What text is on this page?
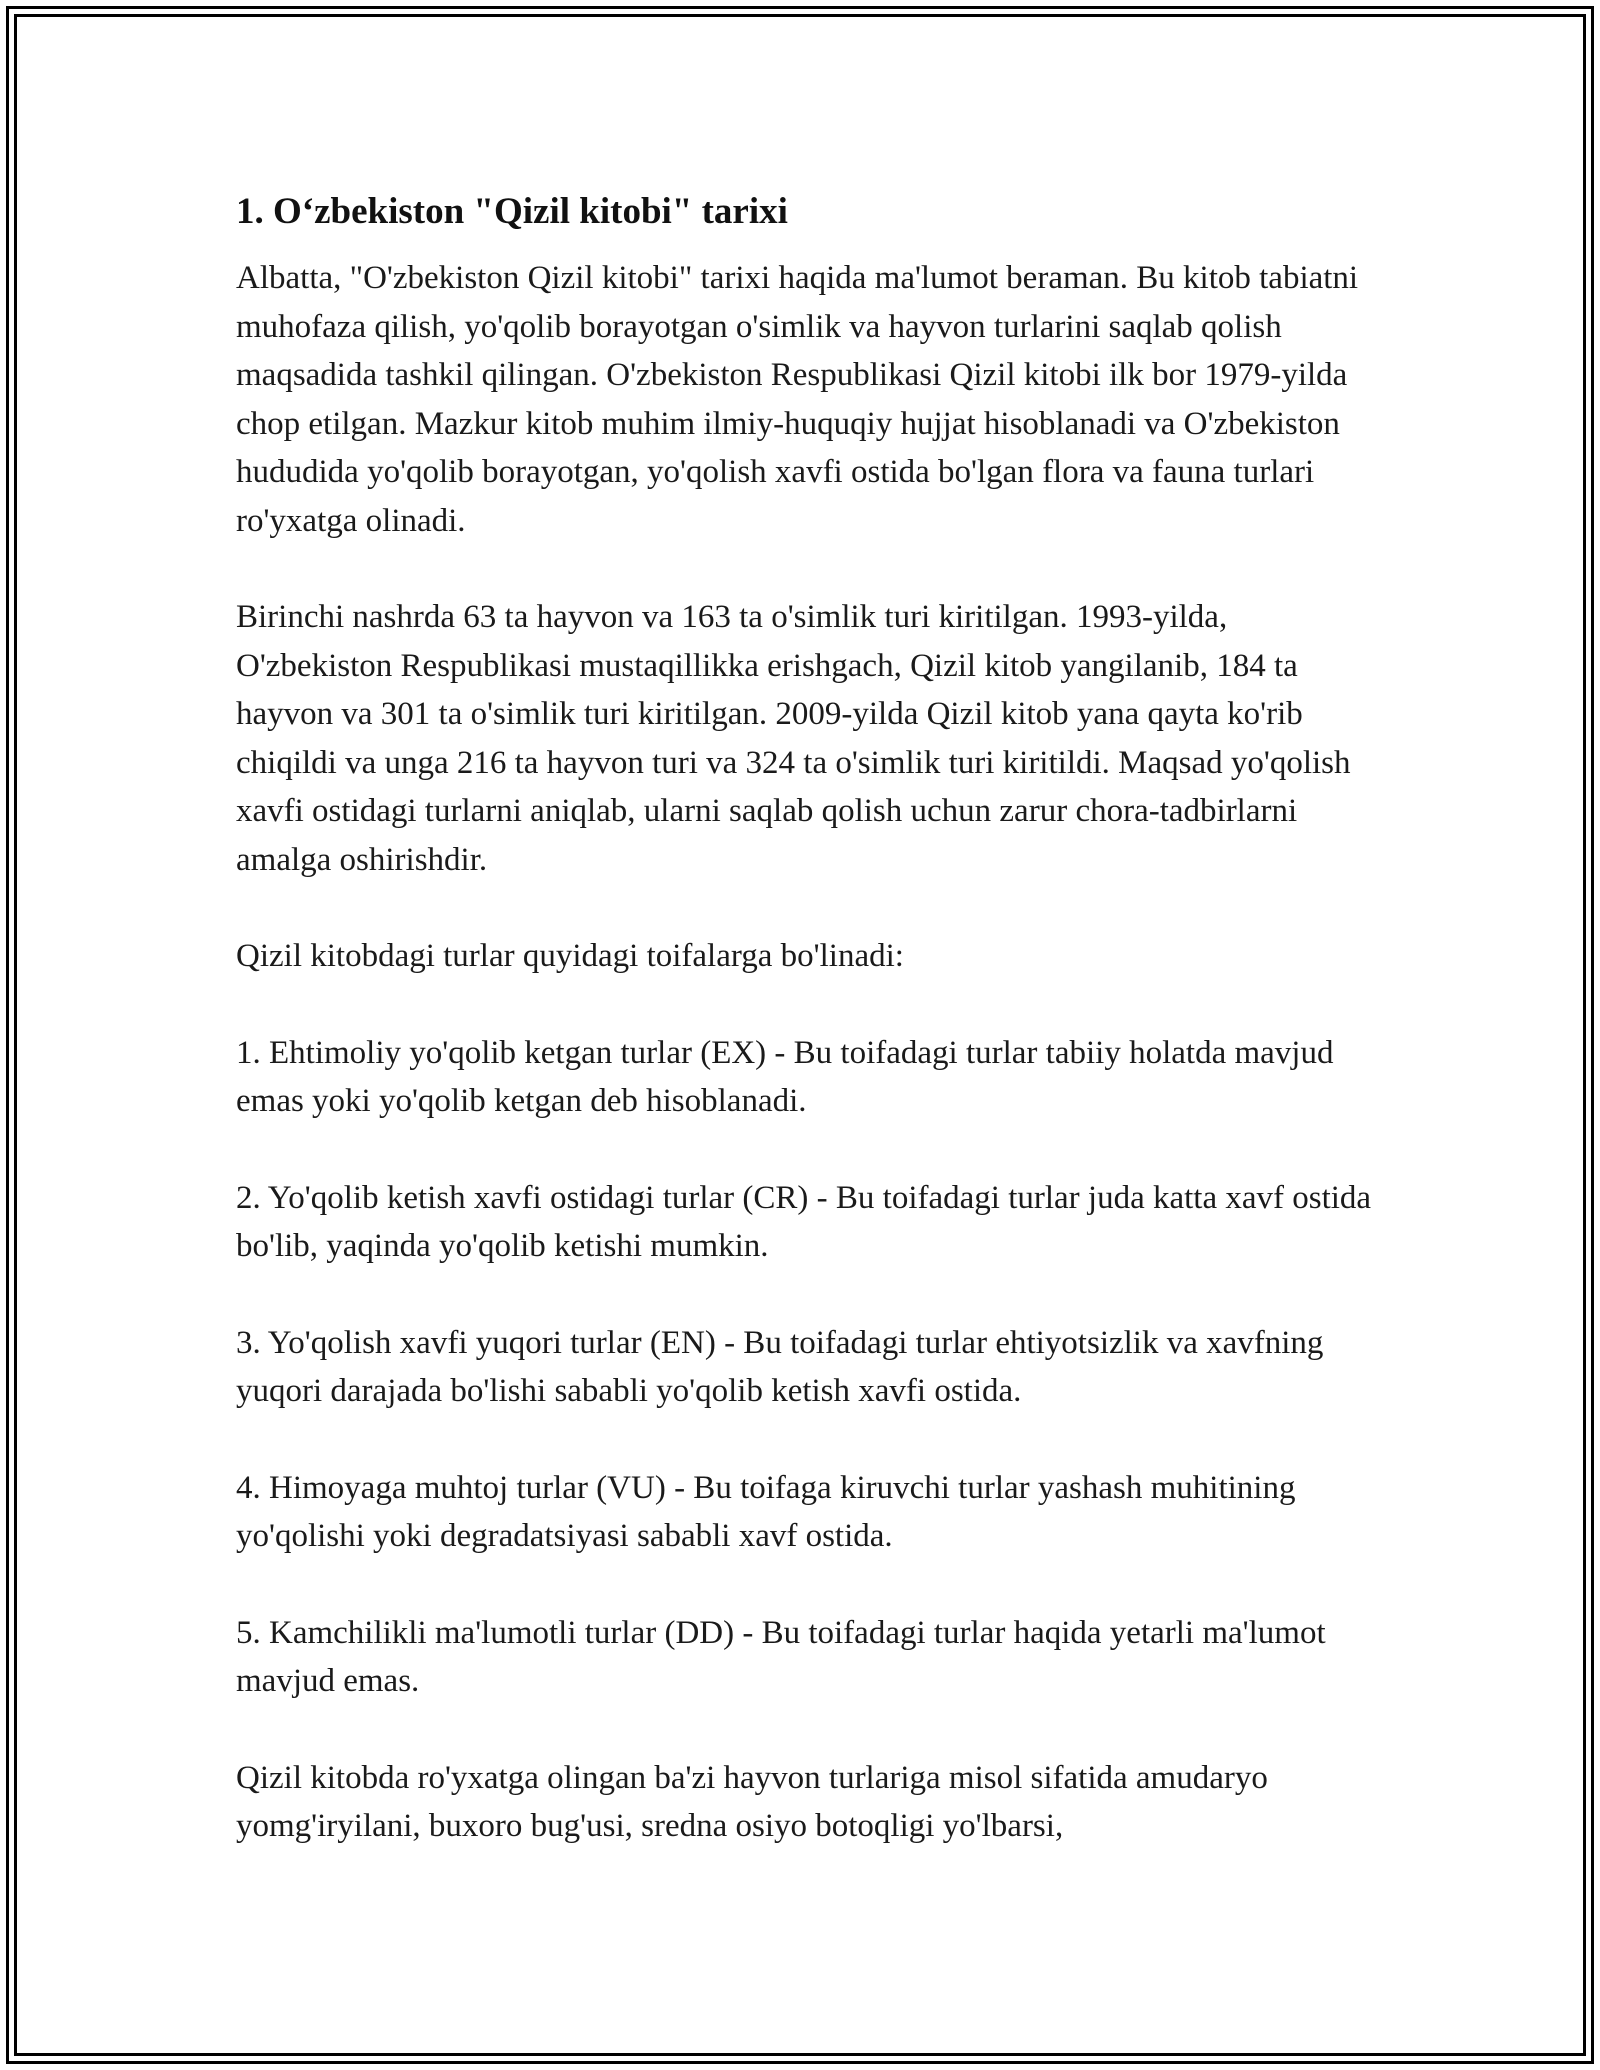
1. O‘zbekiston "Qizil kitobi" tarixi

Albatta, "O'zbekiston Qizil kitobi" tarixi haqida ma'lumot beraman. Bu kitob tabiatni muhofaza qilish, yo'qolib borayotgan o'simlik va hayvon turlarini saqlab qolish maqsadida tashkil qilingan. O'zbekiston Respublikasi Qizil kitobi ilk bor 1979-yilda chop etilgan. Mazkur kitob muhim ilmiy-huquqiy hujjat hisoblanadi va O'zbekiston hududida yo'qolib borayotgan, yo'qolish xavfi ostida bo'lgan flora va fauna turlari ro'yxatga olinadi.

Birinchi nashrda 63 ta hayvon va 163 ta o'simlik turi kiritilgan. 1993-yilda, O'zbekiston Respublikasi mustaqillikka erishgach, Qizil kitob yangilanib, 184 ta hayvon va 301 ta o'simlik turi kiritilgan. 2009-yilda Qizil kitob yana qayta ko'rib chiqildi va unga 216 ta hayvon turi va 324 ta o'simlik turi kiritildi. Maqsad yo'qolish xavfi ostidagi turlarni aniqlab, ularni saqlab qolish uchun zarur chora-tadbirlarni amalga oshirishdir.

Qizil kitobdagi turlar quyidagi toifalarga bo'linadi:

1. Ehtimoliy yo'qolib ketgan turlar (EX) - Bu toifadagi turlar tabiiy holatda mavjud emas yoki yo'qolib ketgan deb hisoblanadi.

2. Yo'qolib ketish xavfi ostidagi turlar (CR) - Bu toifadagi turlar juda katta xavf ostida bo'lib, yaqinda yo'qolib ketishi mumkin.

3. Yo'qolish xavfi yuqori turlar (EN) - Bu toifadagi turlar ehtiyotsizlik va xavfning yuqori darajada bo'lishi sababli yo'qolib ketish xavfi ostida.

4. Himoyaga muhtoj turlar (VU) - Bu toifaga kiruvchi turlar yashash muhitining yo'qolishi yoki degradatsiyasi sababli xavf ostida.

5. Kamchilikli ma'lumotli turlar (DD) - Bu toifadagi turlar haqida yetarli ma'lumot mavjud emas.

Qizil kitobda ro'yxatga olingan ba'zi hayvon turlariga misol sifatida amudaryo yomg'iryilani, buxoro bug'usi, sredna osiyo botoqligi yo'lbarsi,
